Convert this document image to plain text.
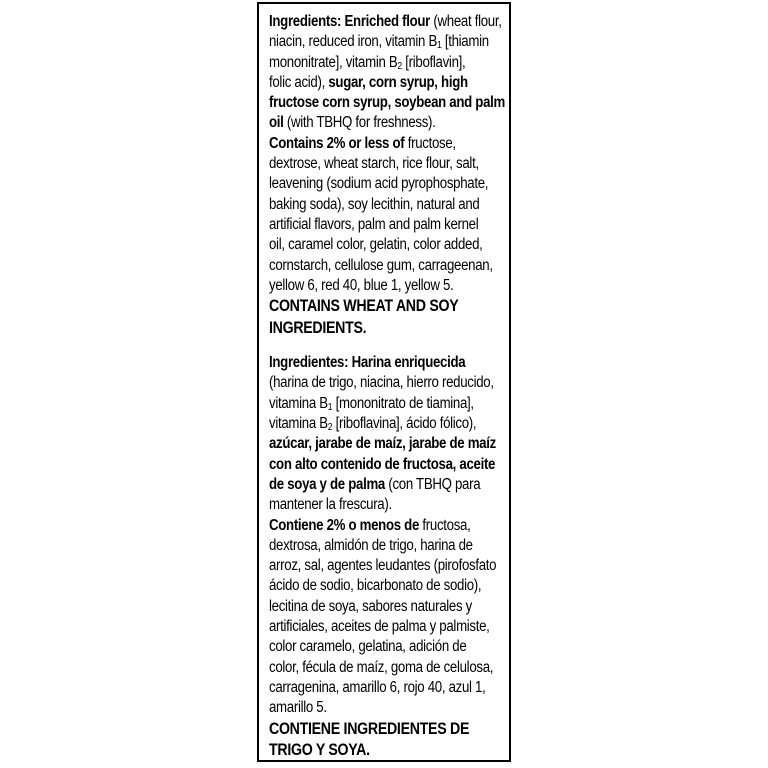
Ingredients: Enriched flour (wheat flour,
niacin, reduced iron, vitamin $B_1$ [thiamin
mononitrate], vitamin $B_2$ [riboflavin],
folic acid), sugar, corn syrup, high
fructose corn syrup, soybean and palm
oil (with TBHQ for freshness).
Contains 2% or less of fructose,
dextrose, wheat starch, rice flour, salt,
leavening (sodium acid pyrophosphate,
baking soda), soy lecithin, natural and
artificial flavors, palm and palm kernel
oil, caramel color, gelatin, color added,
cornstarch, cellulose gum, carrageenan,
yellow 6, red 40, blue 1, yellow 5.
CONTAINS WHEAT AND SOY
INGREDIENTS.
Ingredientes: Harina enriquecida
(harina de trigo, niacina, hierro reducido,
vitamina $B_1$ [mononitrato de tiamina],
vitamina $B_2$ [riboflavina], ácido fólico),
azúcar, jarabe de maíz, jarabe de maíz
con alto contenido de fructosa, aceite
de soya y de palma (con TBHQ para
mantener la frescura).
Contiene 2% o menos de fructosa,
dextrosa, almidón de trigo, harina de
arroz, sal, agentes leudantes (pirofosfato
ácido de sodio, bicarbonato de sodio),
lecitina de soya, sabores naturales y
artificiales, aceites de palma y palmiste,
color caramelo, gelatina, adición de
color, fécula de maíz, goma de celulosa,
carragenina, amarillo 6, rojo 40, azul 1,
amarillo 5.
CONTIENE INGREDIENTES DE
TRIGO Y SOYA.
